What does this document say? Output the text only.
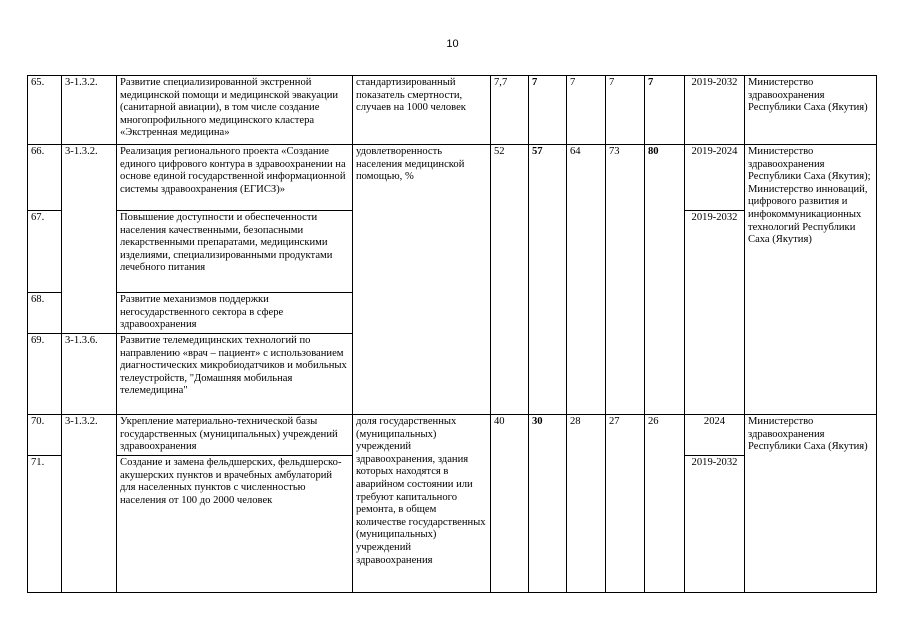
10
65.	3-1.3.2.	Развитие специализированной экстренной медицинской помощи и медицинской эвакуации (санитарной авиации), в том числе создание многопрофильного медицинского кластера «Экстренная медицина»	стандартизированный показатель смертности, случаев на 1000 человек	7,7	7	7	7	7	2019-2032	Министерство здравоохранения Республики Саха (Якутия)
66.	3-1.3.2.	Реализация регионального проекта «Создание единого цифрового контура в здравоохранении на основе единой государственной информационной системы здравоохранения (ЕГИСЗ)»	удовлетворенность населения медицинской помощью, %	52	57	64	73	80	2019-2024	Министерство здравоохранения Республики Саха (Якутия); Министерство инноваций, цифрового развития и инфокоммуникационных технологий Республики Саха (Якутия)
67.		Повышение доступности и обеспеченности населения качественными, безопасными лекарственными препаратами, медицинскими изделиями, специализированными продуктами лечебного питания							2019-2032	
68.		Развитие механизмов поддержки негосударственного сектора в сфере здравоохранения								
69.	3-1.3.6.	Развитие телемедицинских технологий по направлению «врач – пациент» с использованием диагностических микробиодатчиков и мобильных телеустройств, "Домашняя мобильная телемедицина"								
70.	3-1.3.2.	Укрепление материально-технической базы государственных (муниципальных) учреждений здравоохранения	доля государственных (муниципальных) учреждений здравоохранения, здания которых находятся в аварийном состоянии или требуют капитального ремонта, в общем количестве государственных (муниципальных) учреждений здравоохранения	40	30	28	27	26	2024	Министерство здравоохранения Республики Саха (Якутия)
71.		Создание и замена фельдшерских, фельдшерско-акушерских пунктов и врачебных амбулаторий для населенных пунктов с численностью населения от 100 до 2000 человек							2019-2032	
